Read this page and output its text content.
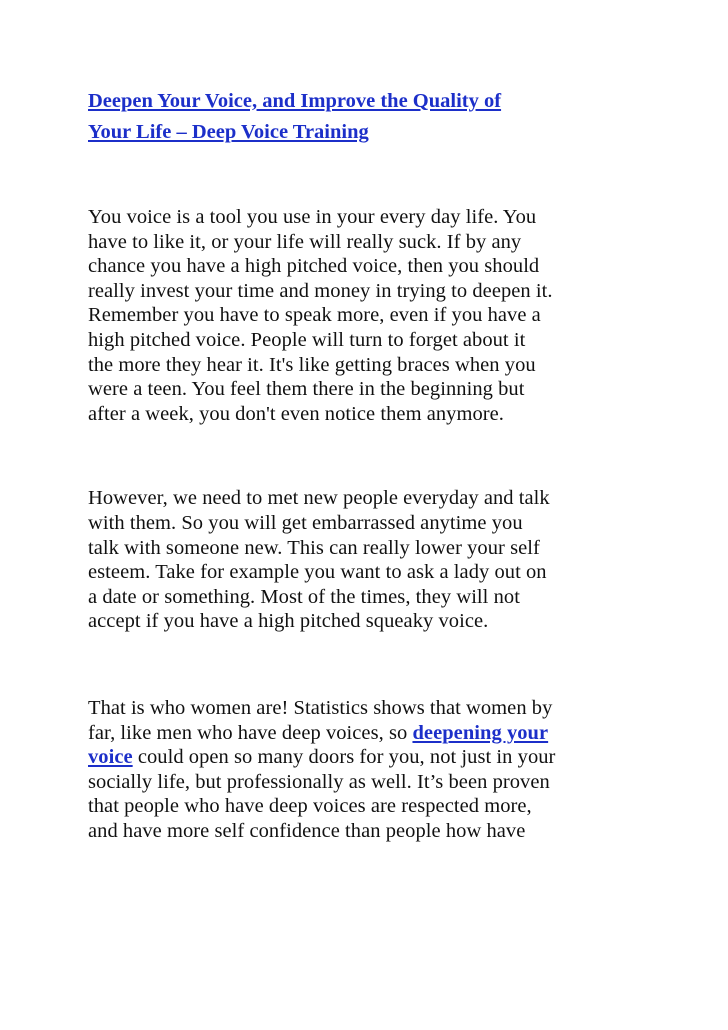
Deepen Your Voice, and Improve the Quality of
Your Life – Deep Voice Training

You voice is a tool you use in your every day life. You
have to like it, or your life will really suck. If by any
chance you have a high pitched voice, then you should
really invest your time and money in trying to deepen it.
Remember you have to speak more, even if you have a
high pitched voice. People will turn to forget about it
the more they hear it. It's like getting braces when you
were a teen. You feel them there in the beginning but
after a week, you don't even notice them anymore.

However, we need to met new people everyday and talk
with them. So you will get embarrassed anytime you
talk with someone new. This can really lower your self
esteem. Take for example you want to ask a lady out on
a date or something. Most of the times, they will not
accept if you have a high pitched squeaky voice.

That is who women are! Statistics shows that women by
far, like men who have deep voices, so deepening your
voice could open so many doors for you, not just in your
socially life, but professionally as well. It’s been proven
that people who have deep voices are respected more,
and have more self confidence than people how have
